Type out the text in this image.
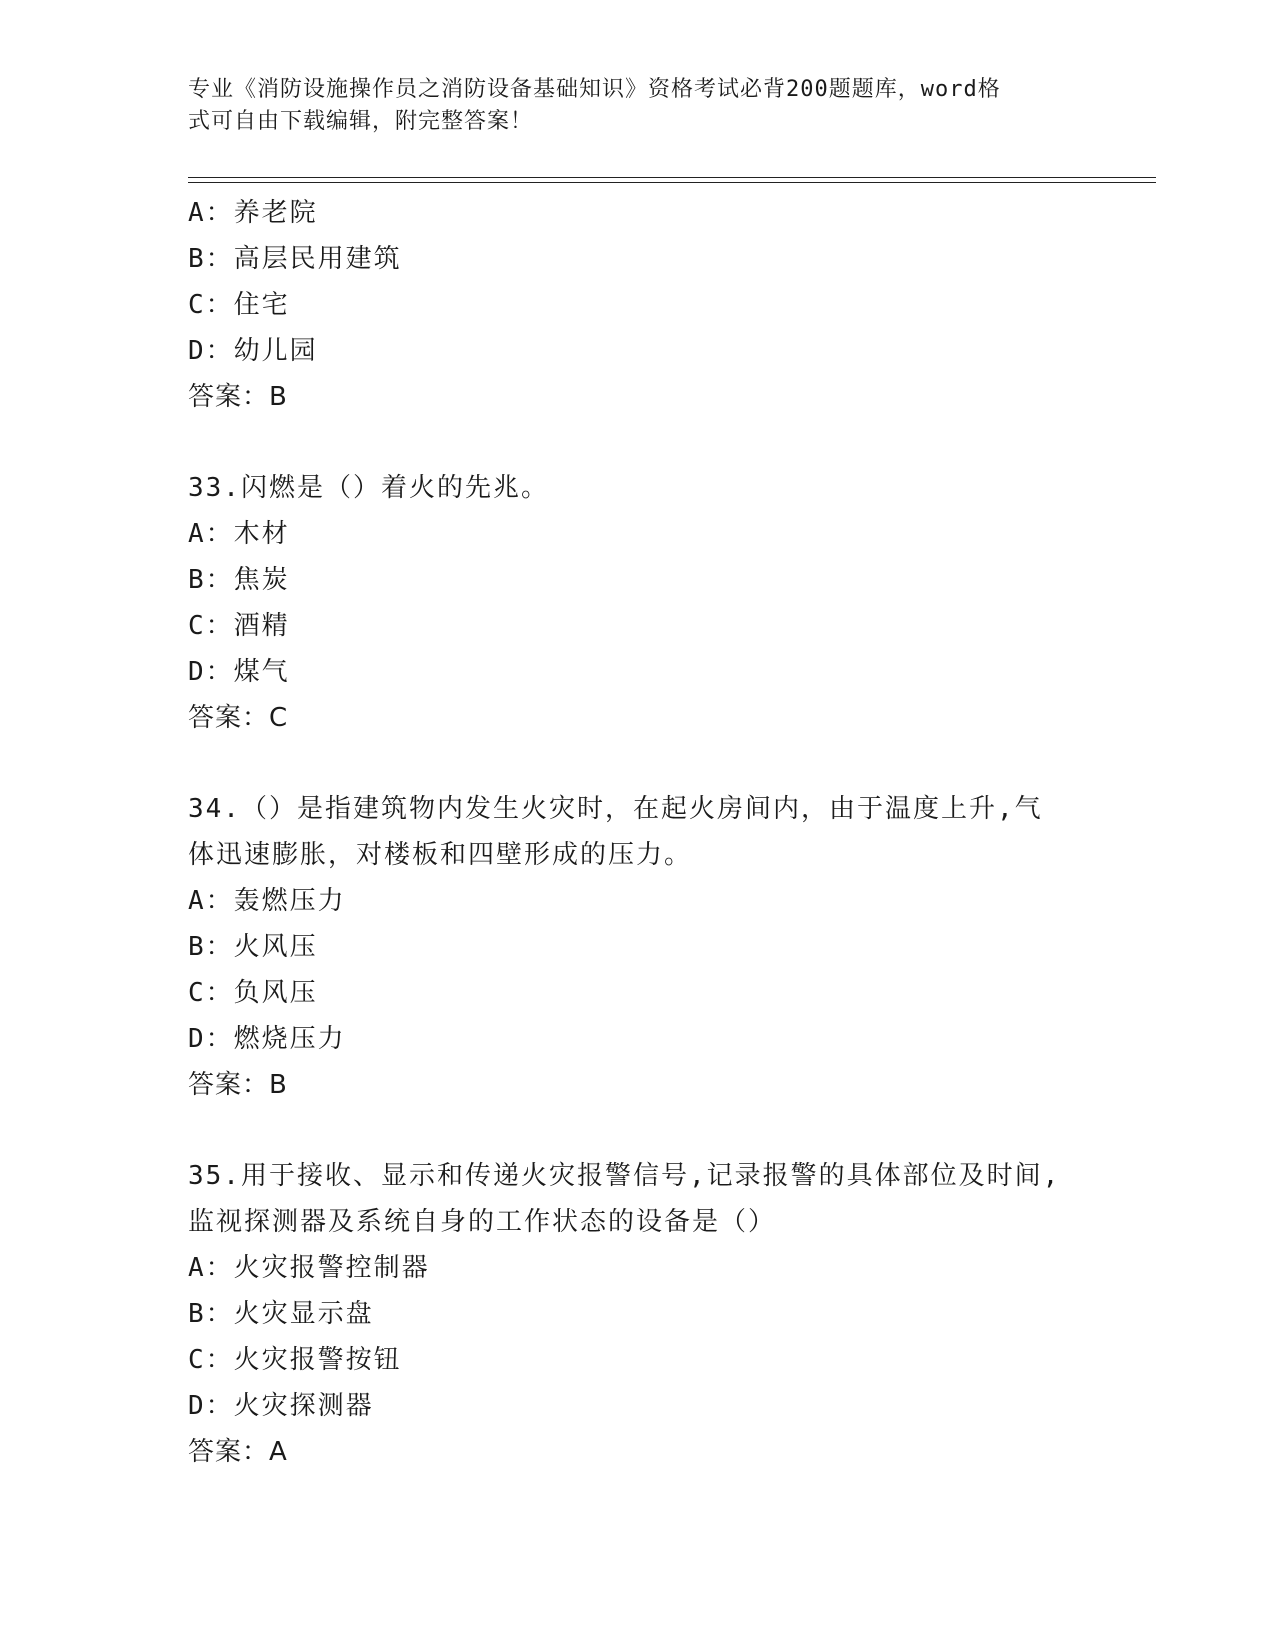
专业《消防设施操作员之消防设备基础知识》资格考试必背200题题库，word格
式可自由下载编辑，附完整答案！
A：养老院
B：高层民用建筑
C：住宅
D：幼儿园
答案：B
33.闪燃是（）着火的先兆。
A：木材
B：焦炭
C：酒精
D：煤气
答案：C
34.（）是指建筑物内发生火灾时，在起火房间内，由于温度上升,气
体迅速膨胀，对楼板和四壁形成的压力。
A：轰燃压力
B：火风压
C：负风压
D：燃烧压力
答案：B
35.用于接收、显示和传递火灾报警信号,记录报警的具体部位及时间,
监视探测器及系统自身的工作状态的设备是（）
A：火灾报警控制器
B：火灾显示盘
C：火灾报警按钮
D：火灾探测器
答案：A
